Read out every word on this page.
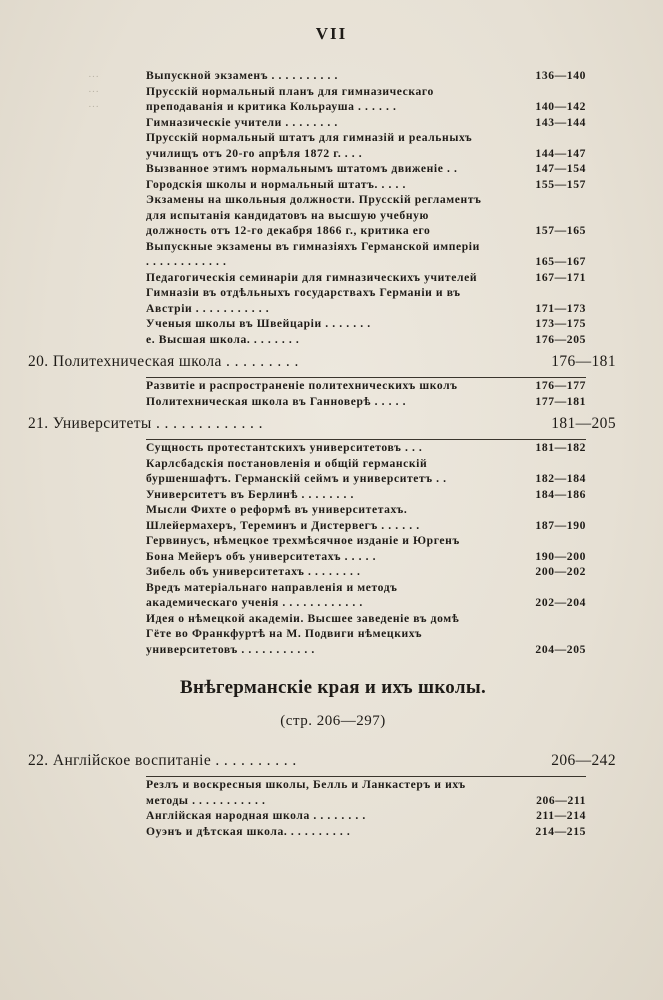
VII
···
···
···
Выпускной экзаменъ . . . . . . . . . .	136—140
Прусскій нормальный планъ для гимназическаго преподаванія и критика Кольрауша . . . . . .	140—142
Гимназическіе учители . . . . . . . .	143—144
Прусскій нормальный штатъ для гимназій и реальныхъ училищъ отъ 20-го апрѣля 1872 г. . . .	144—147
Вызванное этимъ нормальнымъ штатомъ движеніе . .	147—154
Городскія школы и нормальный штатъ. . . . .	155—157
Экзамены на школьныя должности. Прусскій регламентъ для испытанія кандидатовъ на высшую учебную должность отъ 12-го декабря 1866 г., критика его	157—165
Выпускные экзамены въ гимназіяхъ Германской имперіи . . . . . . . . . . . .	165—167
Педагогическія семинаріи для гимназическихъ учителей	167—171
Гимназіи въ отдѣльныхъ государствахъ Германіи и въ Австріи . . . . . . . . . . .	171—173
Ученыя школы въ Швейцаріи . . . . . . .	173—175
е. Высшая школа. . . . . . . .	176—205
20. Политехническая школа . . . . . . . . .	176—181
Развитіе и распространеніе политехническихъ школъ	176—177
Политехническая школа въ Ганноверѣ . . . . .	177—181
21. Университеты . . . . . . . . . . . . .	181—205
Сущность протестантскихъ университетовъ . . .	181—182
Карлсбадскія постановленія и общій германскій буршеншафтъ. Германскій сеймъ и университетъ . .	182—184
Университетъ въ Берлинѣ . . . . . . . .	184—186
Мысли Фихте о реформѣ въ университетахъ. Шлейермахеръ, Тереминъ и Дистервегъ . . . . . .	187—190
Гервинусъ, нѣмецкое трехмѣсячное изданіе и Юргенъ Бона Мейеръ объ университетахъ . . . . .	190—200
Зибель объ университетахъ . . . . . . . .	200—202
Вредъ матеріальнаго направленія и методъ академическаго ученія . . . . . . . . . . . .	202—204
Идея о нѣмецкой академіи. Высшее заведеніе въ домѣ Гёте во Франкфуртѣ на М. Подвиги нѣмецкихъ университетовъ . . . . . . . . . . .	204—205
Внѣгерманскіе края и ихъ школы.
(стр. 206—297)
22. Англійское воспитаніе . . . . . . . . . .	206—242
Резлъ и воскресныя школы, Белль и Ланкастеръ и ихъ методы . . . . . . . . . . .	206—211
Англійская народная школа . . . . . . . .	211—214
Оуэнъ и дѣтская школа. . . . . . . . . .	214—215
